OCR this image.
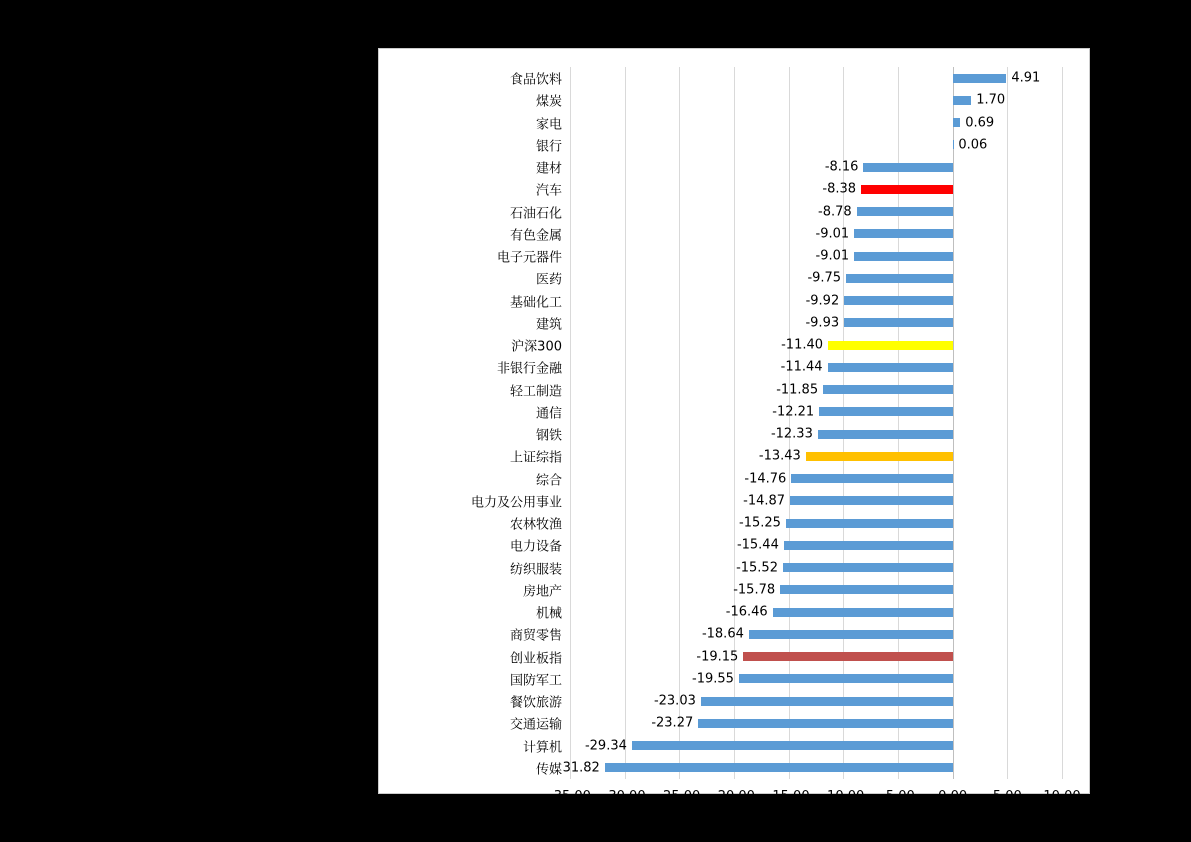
食品饮料	4.91
煤炭	1.70
家电	0.69
银行	0.06
建材	-8.16
汽车	-8.38
石油石化	-8.78
有色金属	-9.01
电子元器件	-9.01
医药	-9.75
基础化工	-9.92
建筑	-9.93
沪深300	-11.40
非银行金融	-11.44
轻工制造	-11.85
通信	-12.21
钢铁	-12.33
上证综指	-13.43
综合	-14.76
电力及公用事业	-14.87
农林牧渔	-15.25
电力设备	-15.44
纺织服装	-15.52
房地产	-15.78
机械	-16.46
商贸零售	-18.64
创业板指	-19.15
国防军工	-19.55
餐饮旅游	-23.03
交通运输	-23.27
计算机 -29.34
传媒 31.82
-35.00 -30.00 -25.00 -20.00 -15.00 -10.00 -5.00 0.00 5.00 10.00
